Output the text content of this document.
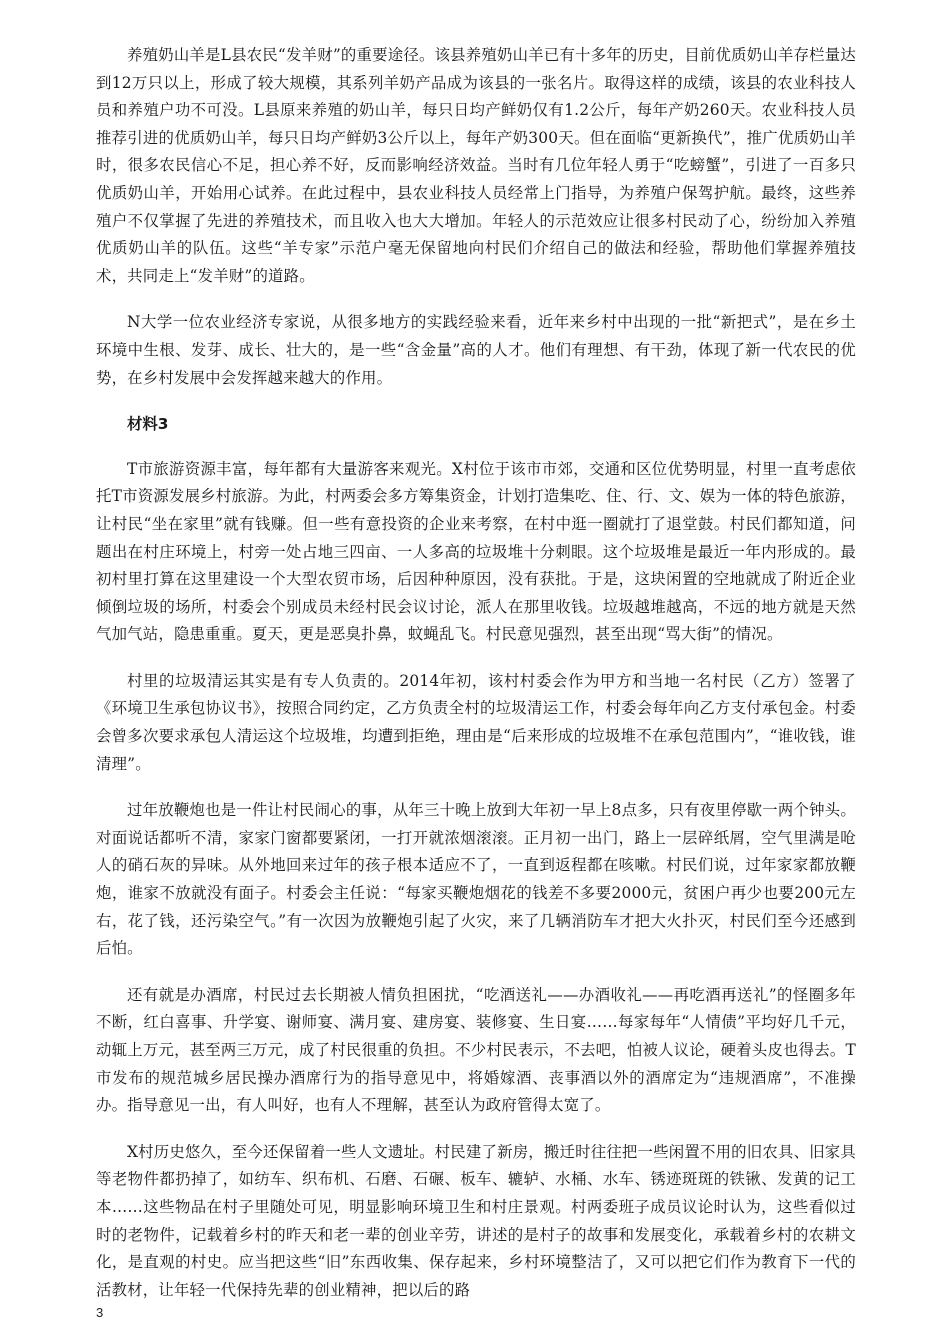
养殖奶山羊是L县农民“发羊财”的重要途径。该县养殖奶山羊已有十多年的历史，目前优质奶山羊存栏量达到12万只以上，形成了较大规模，其系列羊奶产品成为该县的一张名片。取得这样的成绩，该县的农业科技人员和养殖户功不可没。L县原来养殖的奶山羊，每只日均产鲜奶仅有1.2公斤，每年产奶260天。农业科技人员推荐引进的优质奶山羊，每只日均产鲜奶3公斤以上，每年产奶300天。但在面临“更新换代”，推广优质奶山羊时，很多农民信心不足，担心养不好，反而影响经济效益。当时有几位年轻人勇于“吃螃蟹”，引进了一百多只优质奶山羊，开始用心试养。在此过程中，县农业科技人员经常上门指导，为养殖户保驾护航。最终，这些养殖户不仅掌握了先进的养殖技术，而且收入也大大增加。年轻人的示范效应让很多村民动了心，纷纷加入养殖优质奶山羊的队伍。这些“羊专家”示范户毫无保留地向村民们介绍自己的做法和经验，帮助他们掌握养殖技术，共同走上“发羊财”的道路。

N大学一位农业经济专家说，从很多地方的实践经验来看，近年来乡村中出现的一批“新把式”，是在乡土环境中生根、发芽、成长、壮大的，是一些“含金量”高的人才。他们有理想、有干劲，体现了新一代农民的优势，在乡村发展中会发挥越来越大的作用。

材料3

T市旅游资源丰富，每年都有大量游客来观光。X村位于该市市郊，交通和区位优势明显，村里一直考虑依托T市资源发展乡村旅游。为此，村两委会多方筹集资金，计划打造集吃、住、行、文、娱为一体的特色旅游，让村民“坐在家里”就有钱赚。但一些有意投资的企业来考察，在村中逛一圈就打了退堂鼓。村民们都知道，问题出在村庄环境上，村旁一处占地三四亩、一人多高的垃圾堆十分刺眼。这个垃圾堆是最近一年内形成的。最初村里打算在这里建设一个大型农贸市场，后因种种原因，没有获批。于是，这块闲置的空地就成了附近企业倾倒垃圾的场所，村委会个别成员未经村民会议讨论，派人在那里收钱。垃圾越堆越高，不远的地方就是天然气加气站，隐患重重。夏天，更是恶臭扑鼻，蚊蝇乱飞。村民意见强烈，甚至出现“骂大街”的情况。

村里的垃圾清运其实是有专人负责的。2014年初，该村村委会作为甲方和当地一名村民（乙方）签署了《环境卫生承包协议书》，按照合同约定，乙方负责全村的垃圾清运工作，村委会每年向乙方支付承包金。村委会曾多次要求承包人清运这个垃圾堆，均遭到拒绝，理由是“后来形成的垃圾堆不在承包范围内”，“谁收钱，谁清理”。

过年放鞭炮也是一件让村民闹心的事，从年三十晚上放到大年初一早上8点多，只有夜里停歇一两个钟头。对面说话都听不清，家家门窗都要紧闭，一打开就浓烟滚滚。正月初一出门，路上一层碎纸屑，空气里满是呛人的硝石灰的异味。从外地回来过年的孩子根本适应不了，一直到返程都在咳嗽。村民们说，过年家家都放鞭炮，谁家不放就没有面子。村委会主任说：“每家买鞭炮烟花的钱差不多要2000元，贫困户再少也要200元左右，花了钱，还污染空气。”有一次因为放鞭炮引起了火灾，来了几辆消防车才把大火扑灭，村民们至今还感到后怕。

还有就是办酒席，村民过去长期被人情负担困扰，“吃酒送礼——办酒收礼——再吃酒再送礼”的怪圈多年不断，红白喜事、升学宴、谢师宴、满月宴、建房宴、装修宴、生日宴……每家每年“人情债”平均好几千元，动辄上万元，甚至两三万元，成了村民很重的负担。不少村民表示，不去吧，怕被人议论，硬着头皮也得去。T市发布的规范城乡居民操办酒席行为的指导意见中，将婚嫁酒、丧事酒以外的酒席定为“违规酒席”，不准操办。指导意见一出，有人叫好，也有人不理解，甚至认为政府管得太宽了。

X村历史悠久，至今还保留着一些人文遗址。村民建了新房，搬迁时往往把一些闲置不用的旧农具、旧家具等老物件都扔掉了，如纺车、织布机、石磨、石碾、板车、辘轳、水桶、水车、锈迹斑斑的铁锹、发黄的记工本……这些物品在村子里随处可见，明显影响环境卫生和村庄景观。村两委班子成员议论时认为，这些看似过时的老物件，记载着乡村的昨天和老一辈的创业辛劳，讲述的是村子的故事和发展变化，承载着乡村的农耕文化，是直观的村史。应当把这些“旧”东西收集、保存起来，乡村环境整洁了，又可以把它们作为教育下一代的活教材，让年轻一代保持先辈的创业精神，把以后的路

3
